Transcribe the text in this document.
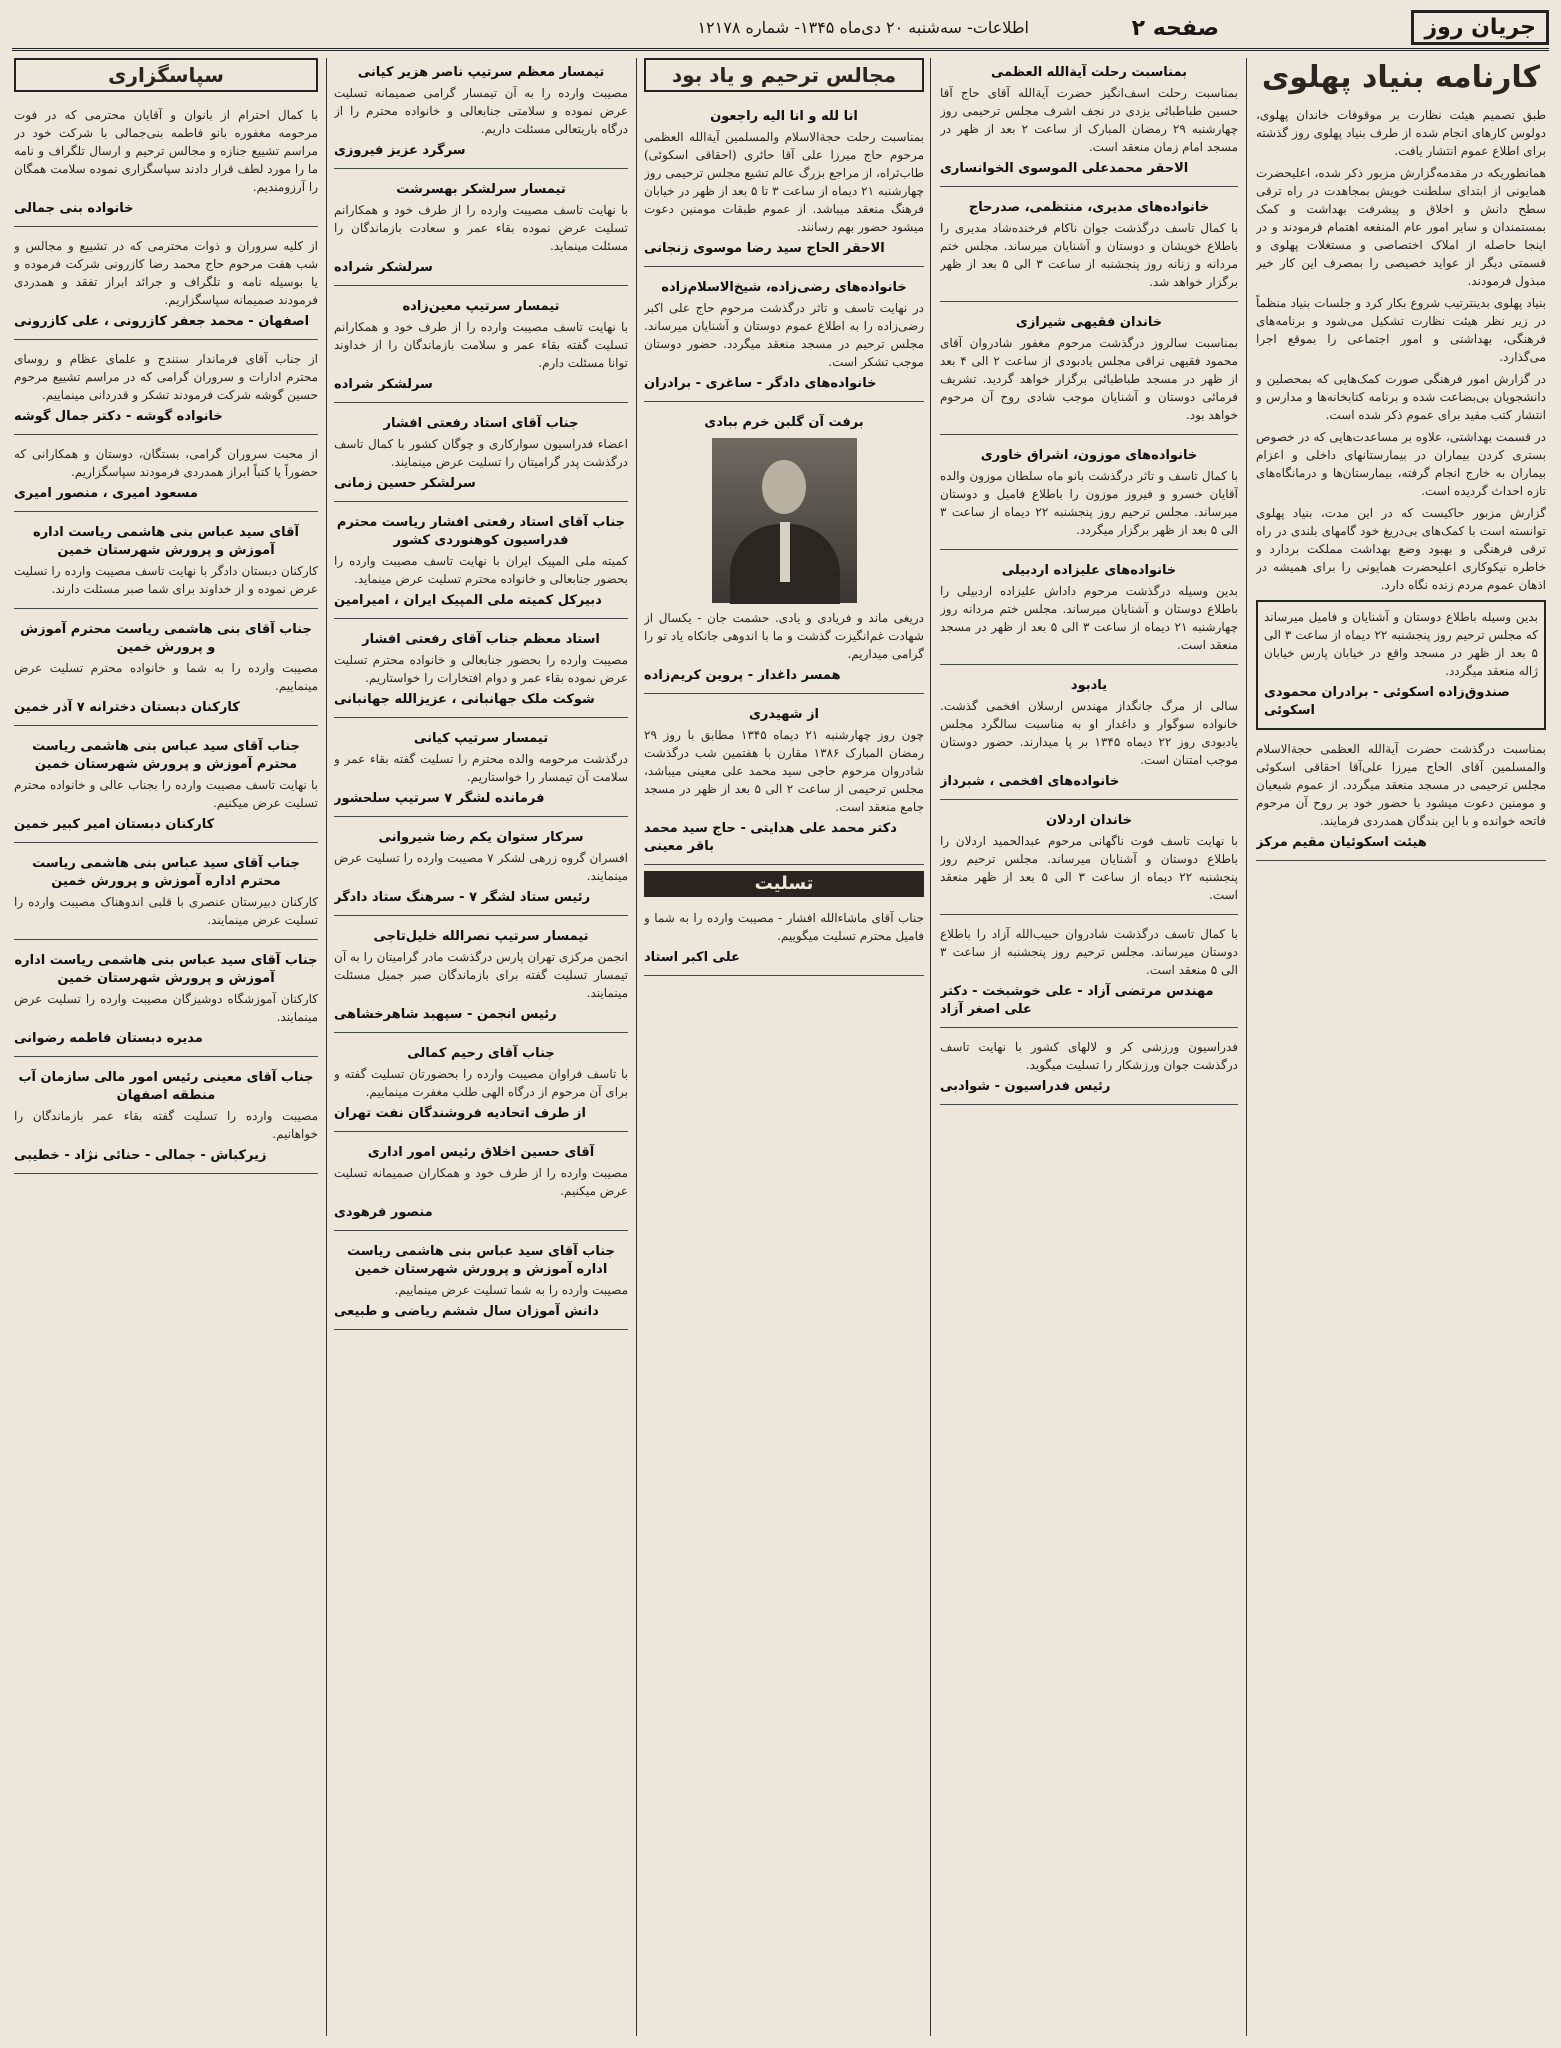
جریان روز
صفحه ۲
اطلاعات- سه‌شنبه ۲۰ دی‌ماه ۱۳۴۵- شماره ۱۲۱۷۸
کارنامه بنیاد پهلوی

طبق تصمیم هیئت نظارت بر موقوفات خاندان پهلوی، دولوس کارهای انجام شده از طرف بنیاد پهلوی روز گذشته برای اطلاع عموم انتشار یافت.

همانطوریکه در مقدمه‌گزارش مزبور ذکر شده، اعلیحضرت همایونی از ابتدای سلطنت خویش بمجاهدت در راه ترقی سطح دانش و اخلاق و پیشرفت بهداشت و کمک بمستمندان و سایر امور عام المنفعه اهتمام فرمودند و در اینجا حاصله از املاک اختصاصی و مستغلات پهلوی و قسمتی دیگر از عواید خصیصی را بمصرف این کار خیر مبذول فرمودند.

بنیاد پهلوی بدینترتیب شروع بکار کرد و جلسات بنیاد منظماً در زیر نظر هیئت نظارت تشکیل می‌شود و برنامه‌های فرهنگی، بهداشتی و امور اجتماعی را بموقع اجرا می‌گذارد.

در گزارش امور فرهنگی صورت کمک‌هایی که بمحصلین و دانشجویان بی‌بضاعت شده و برنامه کتابخانه‌ها و مدارس و انتشار کتب مفید برای عموم ذکر شده است.

در قسمت بهداشتی، علاوه بر مساعدت‌هایی که در خصوص بستری کردن بیماران در بیمارستانهای داخلی و اعزام بیماران به خارج انجام گرفته، بیمارستان‌ها و درمانگاه‌های تازه احداث گردیده است.

گزارش مزبور حاکیست که در این مدت، بنیاد پهلوی توانسته است با کمک‌های بی‌دریغ خود گامهای بلندی در راه ترقی فرهنگی و بهبود وضع بهداشت مملکت بردارد و خاطره نیکوکاری اعلیحضرت همایونی را برای همیشه در اذهان عموم مردم زنده نگاه دارد.

بدین وسیله باطلاع دوستان و آشنایان و فامیل میرساند که مجلس ترحیم روز پنجشنبه ۲۲ دیماه از ساعت ۳ الی ۵ بعد از ظهر در مسجد واقع در خیابان پارس خیابان ژاله منعقد میگردد.

صندوق‌زاده اسکوئی - برادران محمودی اسکوئی

بمناسبت درگذشت حضرت آیةالله العظمی حجةالاسلام والمسلمین آقای الحاج میرزا علی‌آقا احقاقی اسکوئی مجلس ترحیمی در مسجد منعقد میگردد. از عموم شیعیان و مومنین دعوت میشود با حضور خود بر روح آن مرحوم فاتحه خوانده و با این بندگان همدردی فرمایند.

هیئت اسکوئیان مقیم مرکز
بمناسبت رحلت آیةالله العظمی

بمناسبت رحلت اسف‌انگیز حضرت آیةالله آقای حاج آقا حسین طباطبائی یزدی در نجف اشرف مجلس ترحیمی روز چهارشنبه ۲۹ رمضان المبارک از ساعت ۲ بعد از ظهر در مسجد امام زمان منعقد است.

الاحقر محمدعلی الموسوی الخوانساری
خانواده‌های مدیری، منتظمی، صدرحاج

با کمال تاسف درگذشت جوان ناکام فرخنده‌شاد مدیری را باطلاع خویشان و دوستان و آشنایان میرساند. مجلس ختم مردانه و زنانه روز پنجشنبه از ساعت ۳ الی ۵ بعد از ظهر برگزار خواهد شد.

خاندان فقیهی شیرازی

بمناسبت سالروز درگذشت مرحوم مغفور شادروان آقای محمود فقیهی نراقی مجلس یادبودی از ساعت ۲ الی ۴ بعد از ظهر در مسجد طباطبائی برگزار خواهد گردید. تشریف فرمائی دوستان و آشنایان موجب شادی روح آن مرحوم خواهد بود.

خانواده‌های موزون، اشراق خاوری

با کمال تاسف و تاثر درگذشت بانو ماه سلطان موزون والده آقایان خسرو و فیروز موزون را باطلاع فامیل و دوستان میرساند. مجلس ترحیم روز پنجشنبه ۲۲ دیماه از ساعت ۳ الی ۵ بعد از ظهر برگزار میگردد.

خانواده‌های علیزاده اردبیلی

بدین وسیله درگذشت مرحوم داداش علیزاده اردبیلی را باطلاع دوستان و آشنایان میرساند. مجلس ختم مردانه روز چهارشنبه ۲۱ دیماه از ساعت ۳ الی ۵ بعد از ظهر در مسجد منعقد است.

یادبود

سالی از مرگ جانگداز مهندس ارسلان افخمی گذشت. خانواده سوگوار و داغدار او به مناسبت سالگرد مجلس یادبودی روز ۲۲ دیماه ۱۳۴۵ بر پا میدارند. حضور دوستان موجب امتنان است.

خانواده‌های افخمی ، شبرداز
خاندان اردلان

با نهایت تاسف فوت ناگهانی مرحوم عبدالحمید اردلان را باطلاع دوستان و آشنایان میرساند. مجلس ترحیم روز پنجشنبه ۲۲ دیماه از ساعت ۳ الی ۵ بعد از ظهر منعقد است.

با کمال تاسف درگذشت شادروان حبیب‌الله آزاد را باطلاع دوستان میرساند. مجلس ترحیم روز پنجشنبه از ساعت ۳ الی ۵ منعقد است.

مهندس مرتضی آزاد - علی خوشبخت - دکتر علی اصغر آزاد

فدراسیون ورزشی کر و لالهای کشور با نهایت تاسف درگذشت جوان ورزشکار را تسلیت میگوید.

رئیس فدراسیون - شوادبی
مجالس ترحیم و یاد بود
انا لله و انا الیه راجعون

بمناسبت رحلت حجةالاسلام والمسلمین آیةالله العظمی مرحوم حاج میرزا علی آقا حائری (احقاقی اسکوئی) طاب‌ثراه، از مراجع بزرگ عالم تشیع مجلس ترحیمی روز چهارشنبه ۲۱ دیماه از ساعت ۳ تا ۵ بعد از ظهر در خیابان فرهنگ منعقد میباشد. از عموم طبقات مومنین دعوت میشود حضور بهم رسانند.

الاحقر الحاج سید رضا موسوی زنجانی
خانواده‌های رضی‌زاده، شیخ‌الاسلام‌زاده

در نهایت تاسف و تاثر درگذشت مرحوم حاج علی اکبر رضی‌زاده را به اطلاع عموم دوستان و آشنایان میرساند. مجلس ترحیم در مسجد منعقد میگردد. حضور دوستان موجب تشکر است.

خانواده‌های دادگر - ساغری - برادران
برفت آن گلبن خرم ببادی

دریغی ماند و فریادی و یادی. حشمت جان - یکسال از شهادت غم‌انگیزت گذشت و ما با اندوهی جانکاه یاد تو را گرامی میداریم.

همسر داغدار - پروین کریم‌زاده
از شهیدری

چون روز چهارشنبه ۲۱ دیماه ۱۳۴۵ مطابق با روز ۲۹ رمضان المبارک ۱۳۸۶ مقارن با هفتمین شب درگذشت شادروان مرحوم حاجی سید محمد علی معینی میباشد، مجلس ترحیمی از ساعت ۲ الی ۵ بعد از ظهر در مسجد جامع منعقد است.

دکتر محمد علی هدایتی - حاج سید محمد باقر معینی
تسلیت

جناب آقای ماشاءالله افشار - مصیبت وارده را به شما و فامیل محترم تسلیت میگوییم.

علی اکبر استاد
تیمسار معظم سرتیپ ناصر هزیر کیانی

مصیبت وارده را به آن تیمسار گرامی صمیمانه تسلیت عرض نموده و سلامتی جنابعالی و خانواده محترم را از درگاه باریتعالی مسئلت داریم.

سرگرد عزیز فیروزی
تیمسار سرلشکر بهسرشت

با نهایت تاسف مصیبت وارده را از طرف خود و همکارانم تسلیت عرض نموده بقاء عمر و سعادت بازماندگان را مسئلت مینماید.

سرلشکر شراده
تیمسار سرتیپ معین‌زاده

با نهایت تاسف مصیبت وارده را از طرف خود و همکارانم تسلیت گفته بقاء عمر و سلامت بازماندگان را از خداوند توانا مسئلت دارم.

سرلشکر شراده
جناب آقای استاد رفعتی افشار

اعضاء فدراسیون سوارکاری و چوگان کشور با کمال تاسف درگذشت پدر گرامیتان را تسلیت عرض مینمایند.

سرلشکر حسین زمانی
جناب آقای استاد رفعتی افشار ریاست محترم فدراسیون کوهنوردی کشور

کمیته ملی المپیک ایران با نهایت تاسف مصیبت وارده را بحضور جنابعالی و خانواده محترم تسلیت عرض مینماید.

دبیرکل کمیته ملی المپیک ایران ، امیرامین
استاد معظم جناب آقای رفعتی افشار

مصیبت وارده را بحضور جنابعالی و خانواده محترم تسلیت عرض نموده بقاء عمر و دوام افتخارات را خواستاریم.

شوکت ملک جهانبانی ، عزیزالله جهانبانی
تیمسار سرتیپ کیانی

درگذشت مرحومه والده محترم را تسلیت گفته بقاء عمر و سلامت آن تیمسار را خواستاریم.

فرمانده لشگر ۷ سرتیپ سلحشور
سرکار ستوان یکم رضا شیروانی

افسران گروه زرهی لشکر ۷ مصیبت وارده را تسلیت عرض مینمایند.

رئیس ستاد لشگر ۷ - سرهنگ ستاد دادگر
تیمسار سرتیپ نصرالله خلیل‌تاجی

انجمن مرکزی تهران پارس درگذشت مادر گرامیتان را به آن تیمسار تسلیت گفته برای بازماندگان صبر جمیل مسئلت مینمایند.

رئیس انجمن - سپهبد شاهرخشاهی
جناب آقای رحیم کمالی

با تاسف فراوان مصیبت وارده را بحضورتان تسلیت گفته و برای آن مرحوم از درگاه الهی طلب مغفرت مینماییم.

از طرف اتحادیه فروشندگان نفت تهران
آقای حسین اخلاق رئیس امور اداری

مصیبت وارده را از طرف خود و همکاران صمیمانه تسلیت عرض میکنیم.

منصور فرهودی
جناب آقای سید عباس بنی هاشمی ریاست اداره آموزش و پرورش شهرستان خمین

مصیبت وارده را به شما تسلیت عرض مینماییم.

دانش آموزان سال ششم ریاضی و طبیعی
سپاسگزاری

با کمال احترام از بانوان و آقایان محترمی که در فوت مرحومه مغفوره بانو فاطمه بنی‌جمالی با شرکت خود در مراسم تشییع جنازه و مجالس ترحیم و ارسال تلگراف و نامه ما را مورد لطف قرار دادند سپاسگزاری نموده سلامت همگان را آرزومندیم.

خانواده بنی جمالی

از کلیه سروران و ذوات محترمی که در تشییع و مجالس و شب هفت مرحوم حاج محمد رضا کازرونی شرکت فرموده و یا بوسیله نامه و تلگراف و جرائد ابراز تفقد و همدردی فرمودند صمیمانه سپاسگزاریم.

اصفهان - محمد جعفر کازرونی ، علی کازرونی

از جناب آقای فرماندار سنندج و علمای عظام و روسای محترم ادارات و سروران گرامی که در مراسم تشییع مرحوم حسین گوشه شرکت فرمودند تشکر و قدردانی مینماییم.

خانواده گوشه - دکتر جمال گوشه

از محبت سروران گرامی، بستگان، دوستان و همکارانی که حضوراً یا کتباً ابراز همدردی فرمودند سپاسگزاریم.

مسعود امیری ، منصور امیری
آقای سید عباس بنی هاشمی ریاست اداره آموزش و پرورش شهرستان خمین

کارکنان دبستان دادگر با نهایت تاسف مصیبت وارده را تسلیت عرض نموده و از خداوند برای شما صبر مسئلت دارند.

جناب آقای بنی هاشمی ریاست محترم آموزش و پرورش خمین

مصیبت وارده را به شما و خانواده محترم تسلیت عرض مینماییم.

کارکنان دبستان دخترانه ۷ آذر خمین
جناب آقای سید عباس بنی هاشمی ریاست محترم آموزش و پرورش شهرستان خمین

با نهایت تاسف مصیبت وارده را بجناب عالی و خانواده محترم تسلیت عرض میکنیم.

کارکنان دبستان امیر کبیر خمین
جناب آقای سید عباس بنی هاشمی ریاست محترم اداره آموزش و پرورش خمین

کارکنان دبیرستان عنصری با قلبی اندوهناک مصیبت وارده را تسلیت عرض مینمایند.

جناب آقای سید عباس بنی هاشمی ریاست اداره آموزش و پرورش شهرستان خمین

کارکنان آموزشگاه دوشیزگان مصیبت وارده را تسلیت عرض مینمایند.

مدیره دبستان فاطمه رضوانی
جناب آقای معینی رئیس امور مالی سازمان آب منطقه اصفهان

مصیبت وارده را تسلیت گفته بقاء عمر بازماندگان را خواهانیم.

زیرکباش - جمالی - حنائی نژاد - خطیبی
